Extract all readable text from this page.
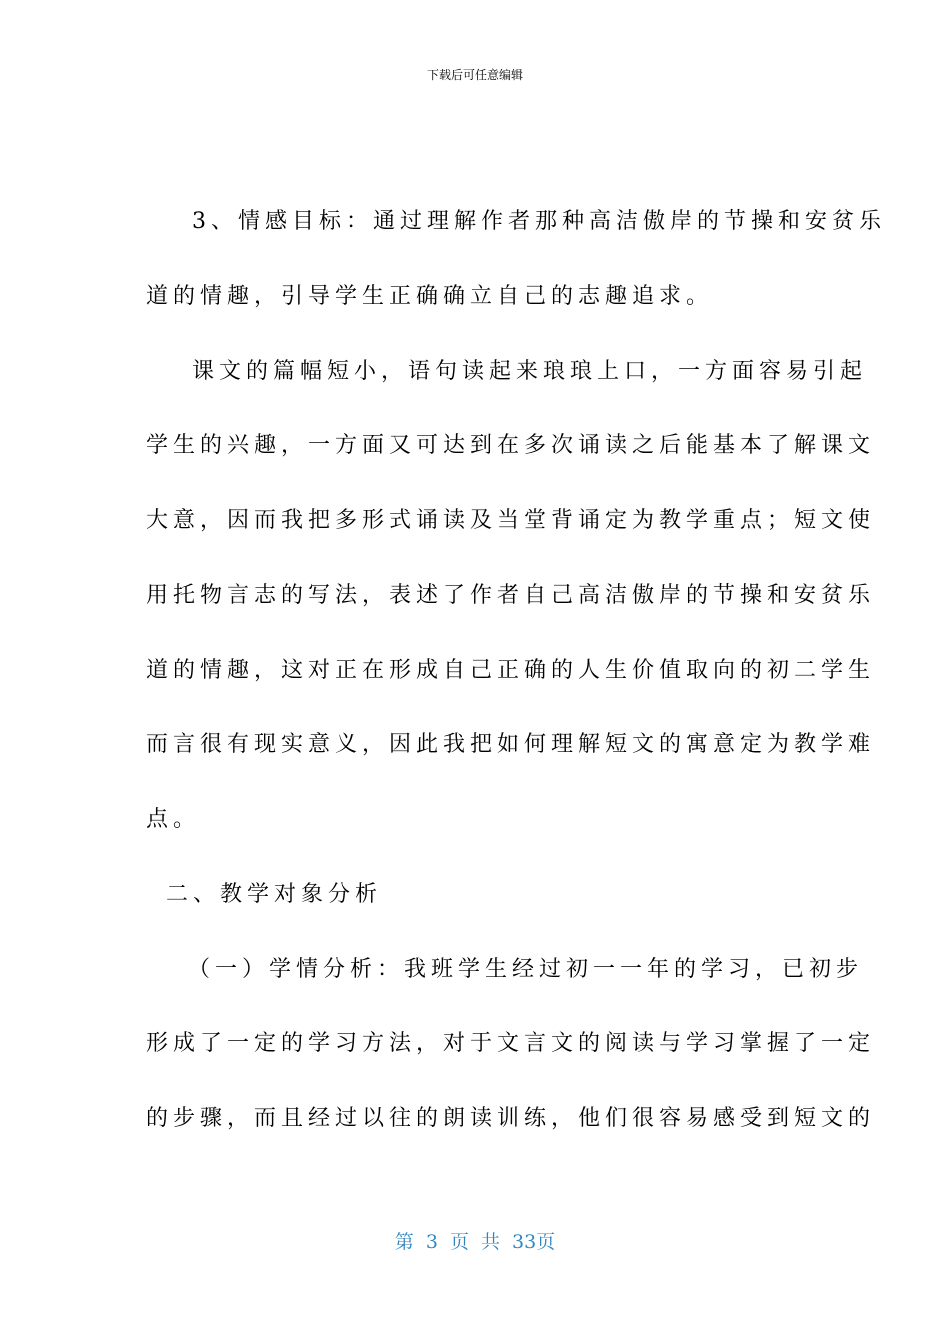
下载后可任意编辑
3、情感目标：通过理解作者那种高洁傲岸的节操和安贫乐
道的情趣，引导学生正确确立自己的志趣追求。
课文的篇幅短小，语句读起来琅琅上口，一方面容易引起
学生的兴趣，一方面又可达到在多次诵读之后能基本了解课文
大意，因而我把多形式诵读及当堂背诵定为教学重点；短文使
用托物言志的写法，表述了作者自己高洁傲岸的节操和安贫乐
道的情趣，这对正在形成自己正确的人生价值取向的初二学生
而言很有现实意义，因此我把如何理解短文的寓意定为教学难
点。
二、教学对象分析
（一）学情分析：我班学生经过初一一年的学习，已初步
形成了一定的学习方法，对于文言文的阅读与学习掌握了一定
的步骤，而且经过以往的朗读训练，他们很容易感受到短文的
第 3 页 共 33页
